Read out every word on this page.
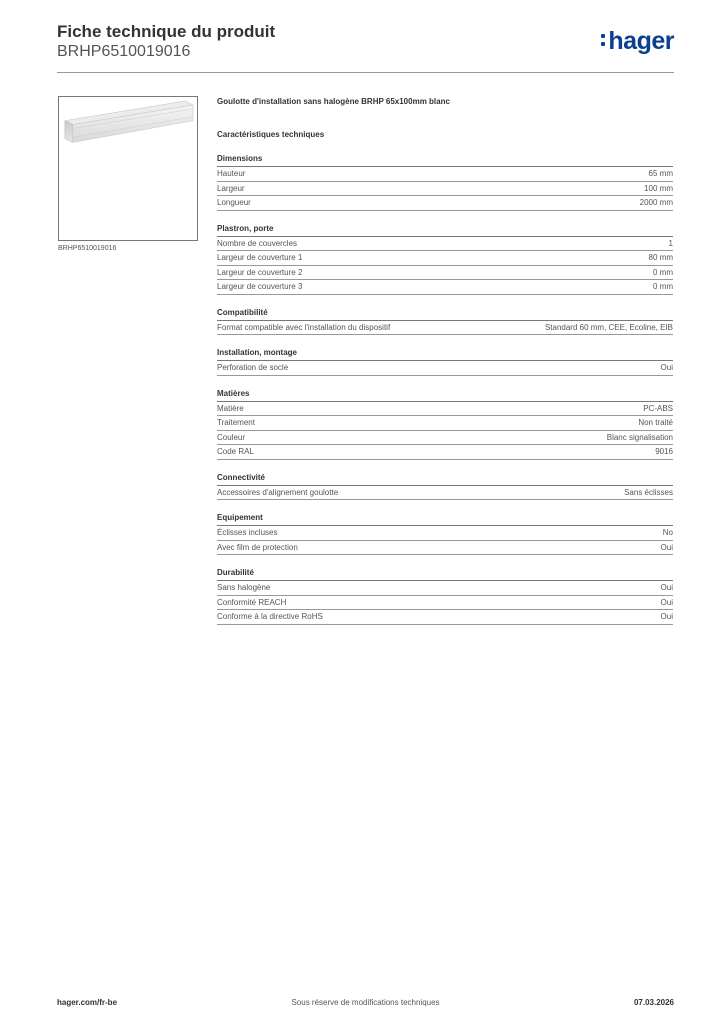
Fiche technique du produit
BRHP6510019016	hager
BRHP6510019016
Goulotte d'installation sans halogène BRHP 65x100mm blanc
Caractéristiques techniques
Dimensions
Hauteur	65 mm
Largeur	100 mm
Longueur	2000 mm
Plastron, porte
Nombre de couvercles	1
Largeur de couverture 1	80 mm
Largeur de couverture 2	0 mm
Largeur de couverture 3	0 mm
Compatibilité
Format compatible avec l'installation du dispositif	Standard 60 mm, CEE, Ecoline, EIB
Installation, montage
Perforation de socle	Oui
Matières
Matière	PC-ABS
Traitement	Non traité
Couleur	Blanc signalisation
Code RAL	9016
Connectivité
Accessoires d'alignement goulotte	Sans éclisses
Equipement
Éclisses incluses	No
Avec film de protection	Oui
Durabilité
Sans halogène	Oui
Conformité REACH	Oui
Conforme à la directive RoHS	Oui
hager.com/fr-be	Sous réserve de modifications techniques	07.03.2026
